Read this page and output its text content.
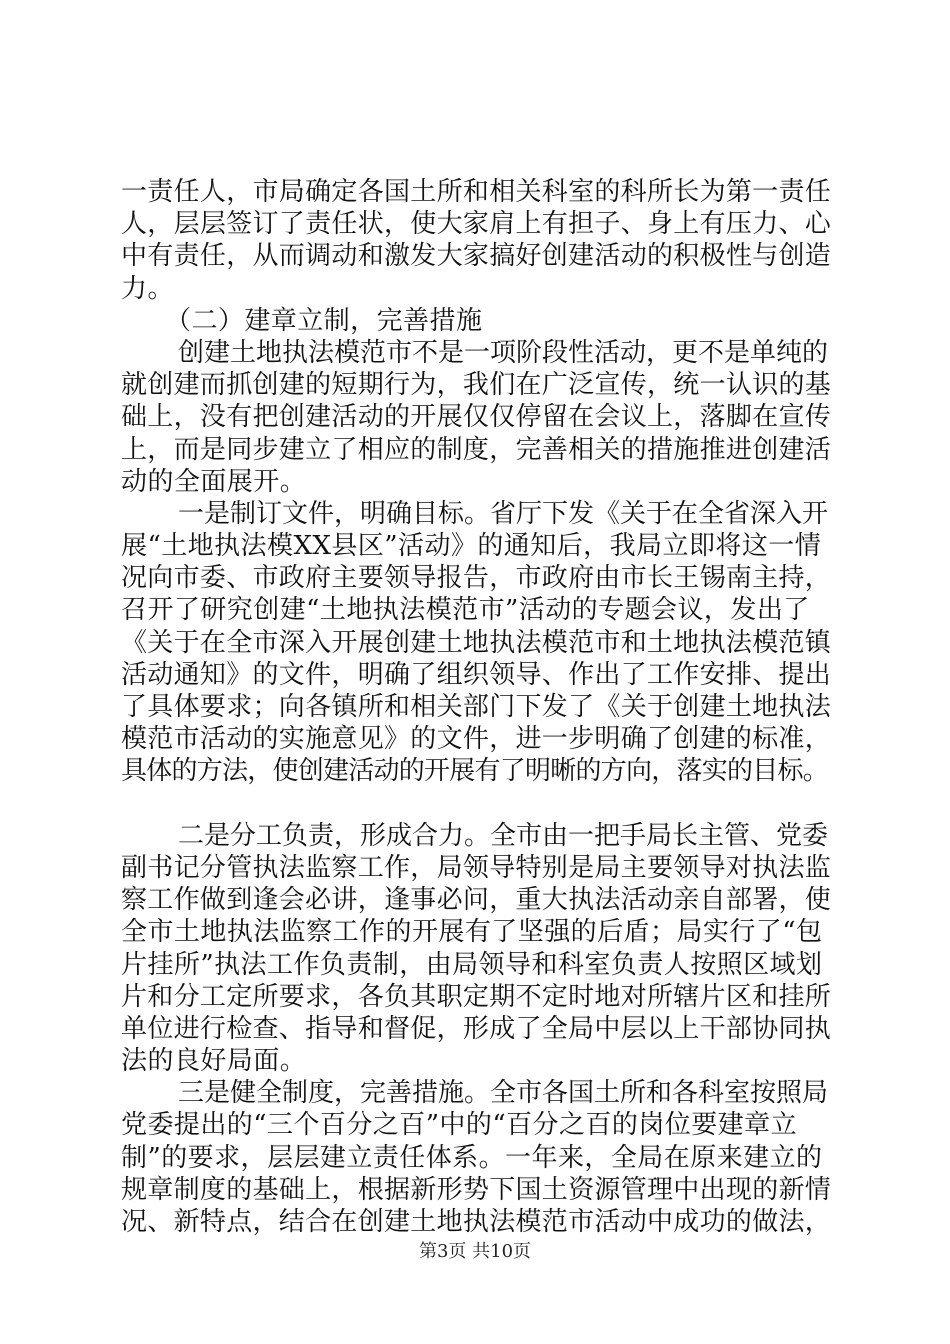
一责任人，市局确定各国土所和相关科室的科所长为第一责任
人，层层签订了责任状，使大家肩上有担子、身上有压力、心
中有责任，从而调动和激发大家搞好创建活动的积极性与创造
力。
（二）建章立制，完善措施
创建土地执法模范市不是一项阶段性活动，更不是单纯的
就创建而抓创建的短期行为，我们在广泛宣传，统一认识的基
础上，没有把创建活动的开展仅仅停留在会议上，落脚在宣传
上，而是同步建立了相应的制度，完善相关的措施推进创建活
动的全面展开。
一是制订文件，明确目标。省厅下发《关于在全省深入开
展“土地执法模XX县区”活动》的通知后，我局立即将这一情
况向市委、市政府主要领导报告，市政府由市长王锡南主持，
召开了研究创建“土地执法模范市”活动的专题会议，发出了
《关于在全市深入开展创建土地执法模范市和土地执法模范镇
活动通知》的文件，明确了组织领导、作出了工作安排、提出
了具体要求；向各镇所和相关部门下发了《关于创建土地执法
模范市活动的实施意见》的文件，进一步明确了创建的标准，
具体的方法，使创建活动的开展有了明晰的方向，落实的目标。
二是分工负责，形成合力。全市由一把手局长主管、党委
副书记分管执法监察工作，局领导特别是局主要领导对执法监
察工作做到逢会必讲，逢事必问，重大执法活动亲自部署，使
全市土地执法监察工作的开展有了坚强的后盾；局实行了“包
片挂所”执法工作负责制，由局领导和科室负责人按照区域划
片和分工定所要求，各负其职定期不定时地对所辖片区和挂所
单位进行检查、指导和督促，形成了全局中层以上干部协同执
法的良好局面。
三是健全制度，完善措施。全市各国土所和各科室按照局
党委提出的“三个百分之百”中的“百分之百的岗位要建章立
制”的要求，层层建立责任体系。一年来，全局在原来建立的
规章制度的基础上，根据新形势下国土资源管理中出现的新情
况、新特点，结合在创建土地执法模范市活动中成功的做法，
第3页 共10页
